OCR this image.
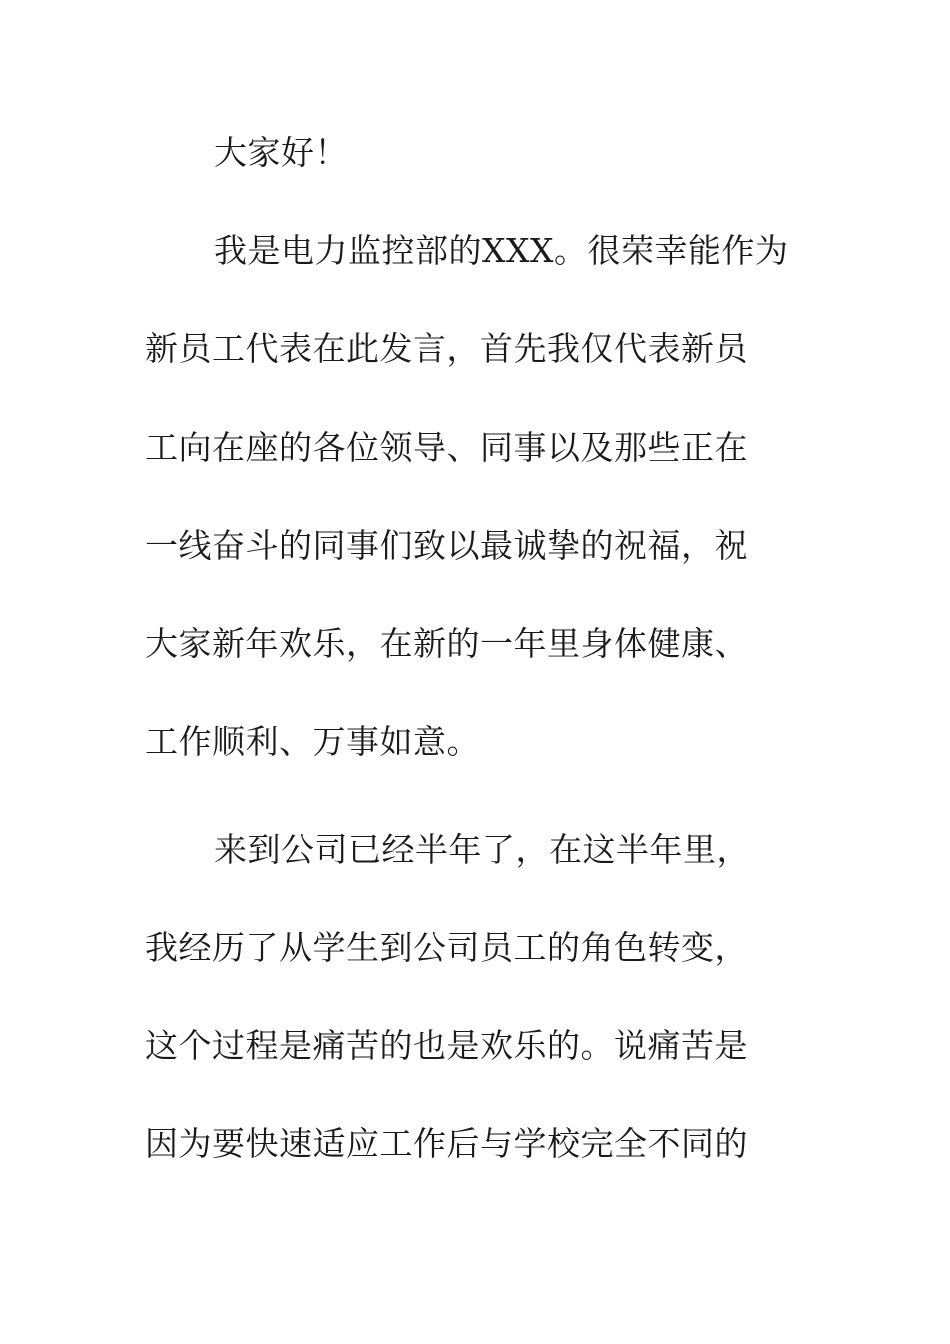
大家好！

我是电力监控部的XXX。很荣幸能作为

新员工代表在此发言，首先我仅代表新员

工向在座的各位领导、同事以及那些正在

一线奋斗的同事们致以最诚挚的祝福，祝

大家新年欢乐，在新的一年里身体健康、

工作顺利、万事如意。

来到公司已经半年了，在这半年里，

我经历了从学生到公司员工的角色转变，

这个过程是痛苦的也是欢乐的。说痛苦是

因为要快速适应工作后与学校完全不同的
